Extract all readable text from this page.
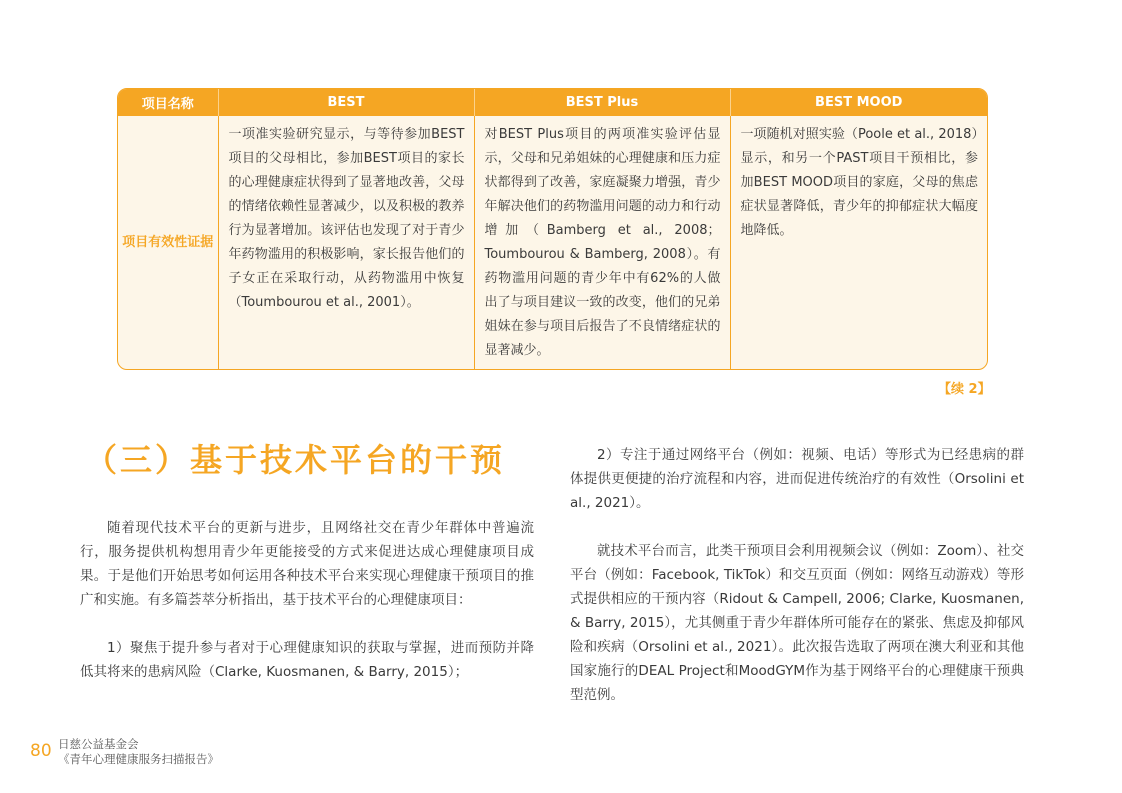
项目名称	BEST	BEST Plus	BEST MOOD
项目有效性证据	一项准实验研究显示，与等待参加BEST项目的父母相比，参加BEST项目的家长的心理健康症状得到了显著地改善，父母的情绪依赖性显著减少，以及积极的教养行为显著增加。该评估也发现了对于青少年药物滥用的积极影响，家长报告他们的子女正在采取行动，从药物滥用中恢复（Toumbourou et al., 2001）。	对BEST Plus项目的两项准实验评估显示，父母和兄弟姐妹的心理健康和压力症状都得到了改善，家庭凝聚力增强，青少年解决他们的药物滥用问题的动力和行动增加（Bamberg et al., 2008；Toumbourou & Bamberg, 2008）。有药物滥用问题的青少年中有62%的人做出了与项目建议一致的改变，他们的兄弟姐妹在参与项目后报告了不良情绪症状的显著减少。	一项随机对照实验（Poole et al., 2018）显示，和另一个PAST项目干预相比，参加BEST MOOD项目的家庭，父母的焦虑症状显著降低，青少年的抑郁症状大幅度地降低。
【续 2】
（三）基于技术平台的干预

随着现代技术平台的更新与进步，且网络社交在青少年群体中普遍流行，服务提供机构想用青少年更能接受的方式来促进达成心理健康项目成果。于是他们开始思考如何运用各种技术平台来实现心理健康干预项目的推广和实施。有多篇荟萃分析指出，基于技术平台的心理健康项目：

1）聚焦于提升参与者对于心理健康知识的获取与掌握，进而预防并降低其将来的患病风险（Clarke, Kuosmanen, & Barry, 2015）；

2）专注于通过网络平台（例如：视频、电话）等形式为已经患病的群体提供更便捷的治疗流程和内容，进而促进传统治疗的有效性（Orsolini et al., 2021）。

就技术平台而言，此类干预项目会利用视频会议（例如：Zoom）、社交平台（例如：Facebook, TikTok）和交互页面（例如：网络互动游戏）等形式提供相应的干预内容（Ridout & Campell, 2006; Clarke, Kuosmanen, & Barry, 2015），尤其侧重于青少年群体所可能存在的紧张、焦虑及抑郁风险和疾病（Orsolini et al., 2021）。此次报告选取了两项在澳大利亚和其他国家施行的DEAL Project和MoodGYM作为基于网络平台的心理健康干预典型范例。

80 日慈公益基金会
《青年心理健康服务扫描报告》
